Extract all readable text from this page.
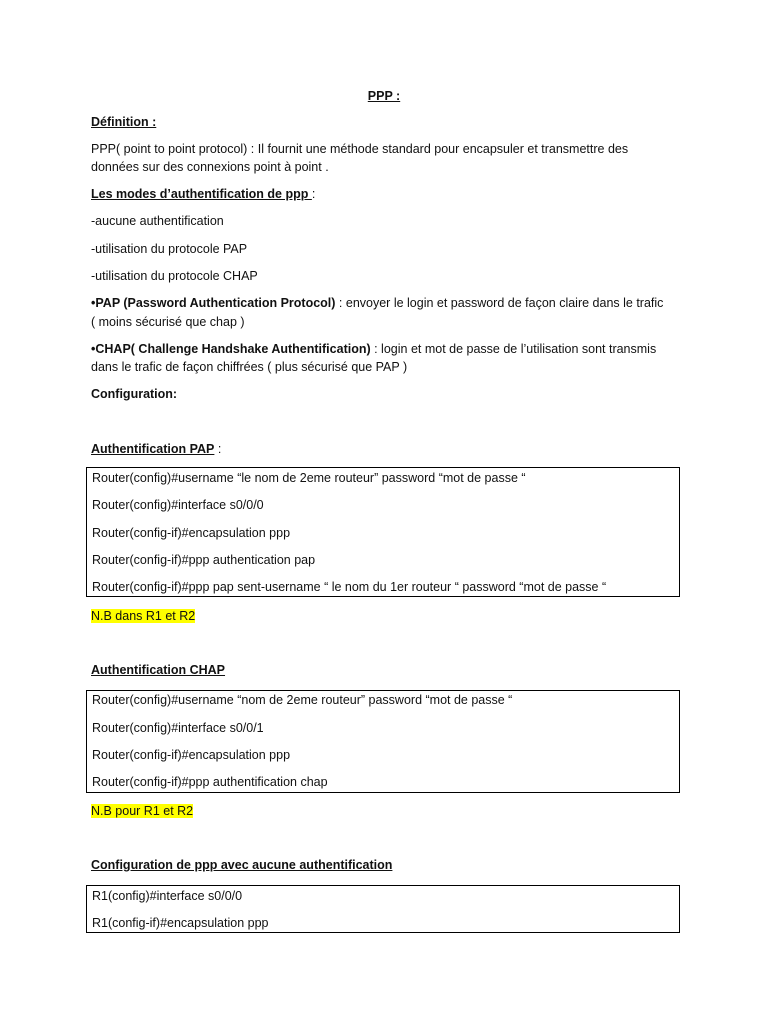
PPP :
Définition :
PPP( point to point protocol) : Il fournit une méthode standard pour encapsuler et transmettre des
données sur des connexions point à point .
Les modes d’authentification de ppp :
-aucune authentification
-utilisation du protocole PAP
-utilisation du protocole CHAP
•PAP (Password Authentication Protocol) : envoyer le login et password de façon claire dans le trafic
( moins sécurisé que chap )
•CHAP( Challenge Handshake Authentification) : login et mot de passe de l’utilisation sont transmis
dans le trafic de façon chiffrées ( plus sécurisé que PAP )
Configuration:
Authentification PAP :
Router(config)#username “le nom de 2eme routeur” password “mot de passe “
Router(config)#interface s0/0/0
Router(config-if)#encapsulation ppp
Router(config-if)#ppp authentication pap
Router(config-if)#ppp pap sent-username “ le nom du 1er routeur “ password “mot de passe “
N.B dans R1 et R2
Authentification CHAP
Router(config)#username “nom de 2eme routeur” password “mot de passe “
Router(config)#interface s0/0/1
Router(config-if)#encapsulation ppp
Router(config-if)#ppp authentification chap
N.B pour R1 et R2
Configuration de ppp avec aucune authentification
R1(config)#interface s0/0/0
R1(config-if)#encapsulation ppp
